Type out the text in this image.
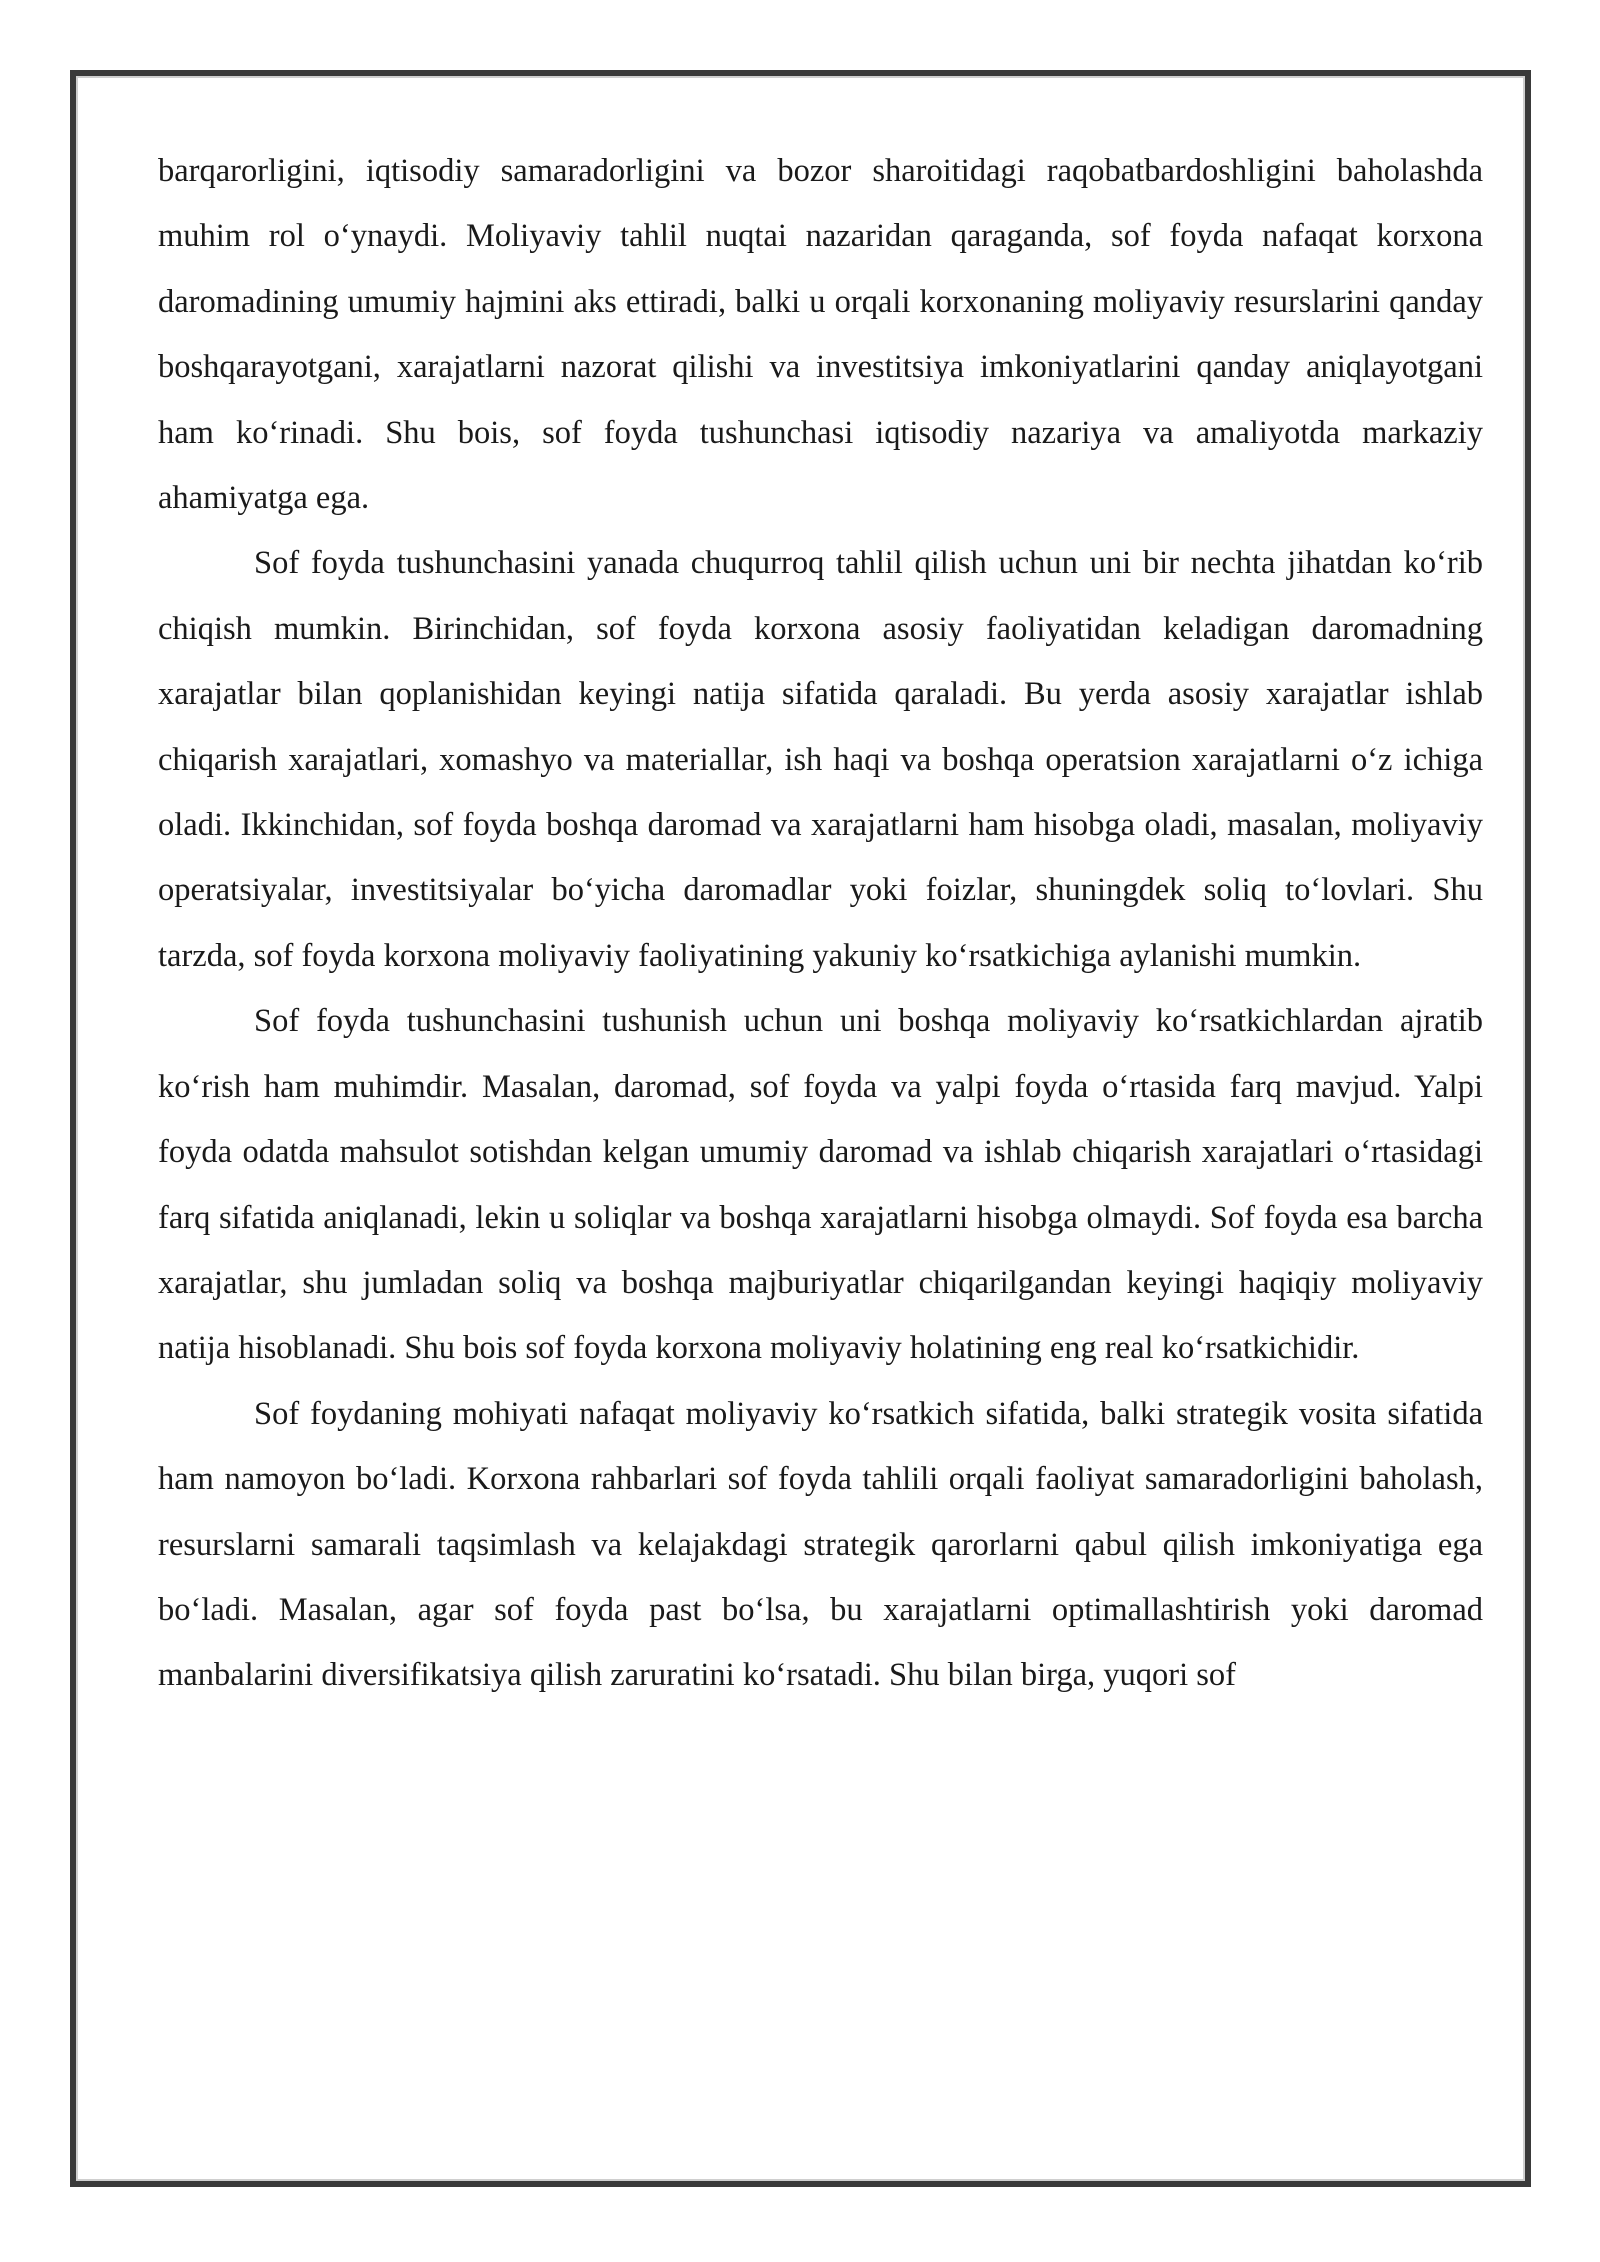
barqarorligini, iqtisodiy samaradorligini va bozor sharoitidagi raqobatbardoshligini baholashda muhim rol o‘ynaydi. Moliyaviy tahlil nuqtai nazaridan qaraganda, sof foyda nafaqat korxona daromadining umumiy hajmini aks ettiradi, balki u orqali korxonaning moliyaviy resurslarini qanday boshqarayotgani, xarajatlarni nazorat qilishi va investitsiya imkoniyatlarini qanday aniqlayotgani ham ko‘rinadi. Shu bois, sof foyda tushunchasi iqtisodiy nazariya va amaliyotda markaziy ahamiyatga ega.

Sof foyda tushunchasini yanada chuqurroq tahlil qilish uchun uni bir nechta jihatdan ko‘rib chiqish mumkin. Birinchidan, sof foyda korxona asosiy faoliyatidan keladigan daromadning xarajatlar bilan qoplanishidan keyingi natija sifatida qaraladi. Bu yerda asosiy xarajatlar ishlab chiqarish xarajatlari, xomashyo va materiallar, ish haqi va boshqa operatsion xarajatlarni o‘z ichiga oladi. Ikkinchidan, sof foyda boshqa daromad va xarajatlarni ham hisobga oladi, masalan, moliyaviy operatsiyalar, investitsiyalar bo‘yicha daromadlar yoki foizlar, shuningdek soliq to‘lovlari. Shu tarzda, sof foyda korxona moliyaviy faoliyatining yakuniy ko‘rsatkichiga aylanishi mumkin.

Sof foyda tushunchasini tushunish uchun uni boshqa moliyaviy ko‘rsatkichlardan ajratib ko‘rish ham muhimdir. Masalan, daromad, sof foyda va yalpi foyda o‘rtasida farq mavjud. Yalpi foyda odatda mahsulot sotishdan kelgan umumiy daromad va ishlab chiqarish xarajatlari o‘rtasidagi farq sifatida aniqlanadi, lekin u soliqlar va boshqa xarajatlarni hisobga olmaydi. Sof foyda esa barcha xarajatlar, shu jumladan soliq va boshqa majburiyatlar chiqarilgandan keyingi haqiqiy moliyaviy natija hisoblanadi. Shu bois sof foyda korxona moliyaviy holatining eng real ko‘rsatkichidir.

Sof foydaning mohiyati nafaqat moliyaviy ko‘rsatkich sifatida, balki strategik vosita sifatida ham namoyon bo‘ladi. Korxona rahbarlari sof foyda tahlili orqali faoliyat samaradorligini baholash, resurslarni samarali taqsimlash va kelajakdagi strategik qarorlarni qabul qilish imkoniyatiga ega bo‘ladi. Masalan, agar sof foyda past bo‘lsa, bu xarajatlarni optimallashtirish yoki daromad manbalarini diversifikatsiya qilish zaruratini ko‘rsatadi. Shu bilan birga, yuqori sof
